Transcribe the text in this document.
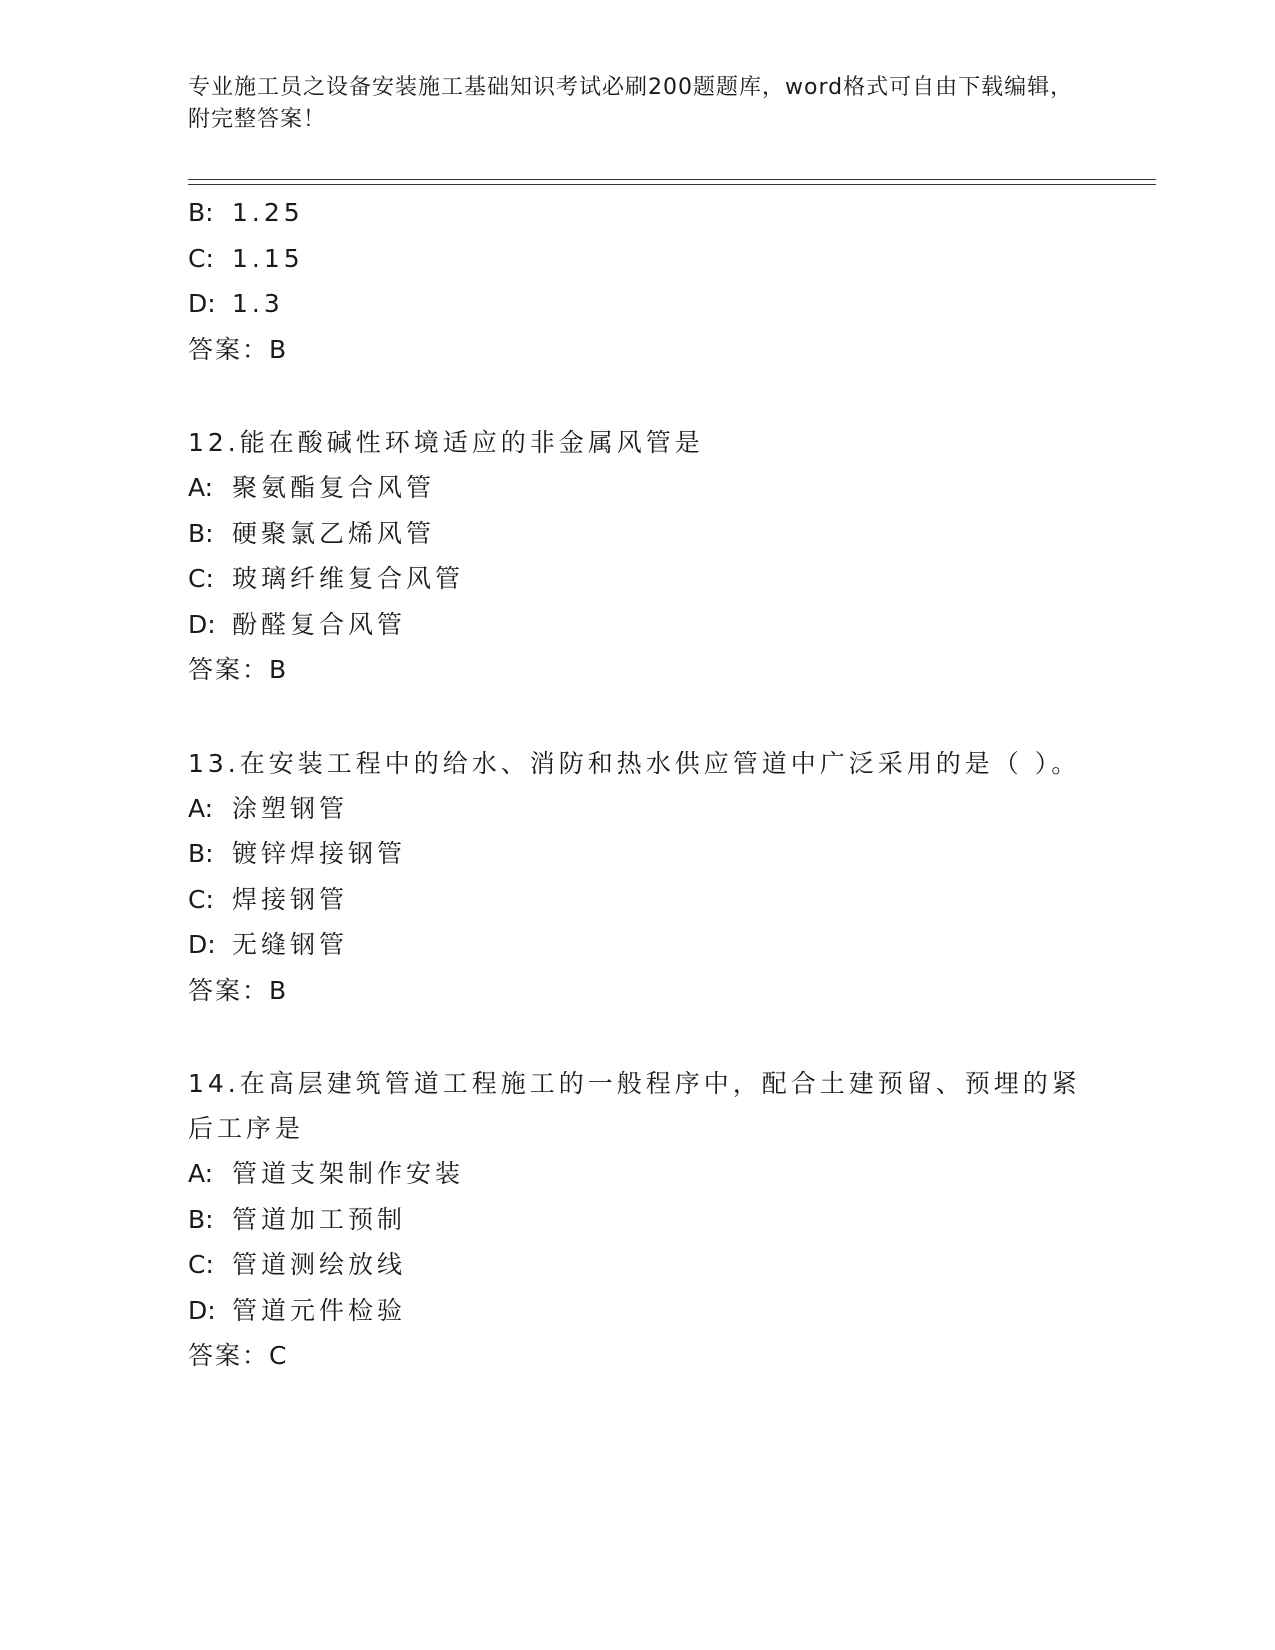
专业施工员之设备安装施工基础知识考试必刷200题题库，word格式可自由下载编辑，附完整答案！
B: 1.25
C: 1.15
D: 1.3
答案：B
12.能在酸碱性环境适应的非金属风管是
A: 聚氨酯复合风管
B: 硬聚氯乙烯风管
C: 玻璃纤维复合风管
D: 酚醛复合风管
答案：B
13.在安装工程中的给水、消防和热水供应管道中广泛采用的是（ ）。
A: 涂塑钢管
B: 镀锌焊接钢管
C: 焊接钢管
D: 无缝钢管
答案：B
14.在高层建筑管道工程施工的一般程序中，配合土建预留、预埋的紧后工序是
A: 管道支架制作安装
B: 管道加工预制
C: 管道测绘放线
D: 管道元件检验
答案：C
